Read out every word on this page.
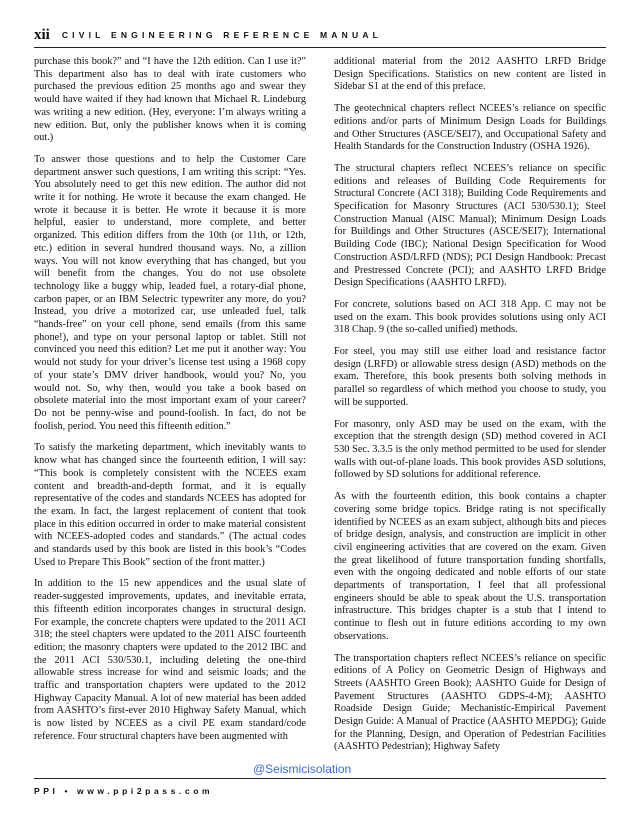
xii CIVIL ENGINEERING REFERENCE MANUAL

purchase this book?” and “I have the 12th edition. Can I use it?” This department also has to deal with irate customers who purchased the previous edition 25 months ago and swear they would have waited if they had known that Michael R. Lindeburg was writing a new edition. (Hey, everyone: I’m always writing a new edition. But, only the publisher knows when it is coming out.)

To answer those questions and to help the Customer Care department answer such questions, I am writing this script: “Yes. You absolutely need to get this new edition. The author did not write it for nothing. He wrote it because the exam changed. He wrote it because it is better. He wrote it because it is more helpful, easier to understand, more complete, and better organized. This edition differs from the 10th (or 11th, or 12th, etc.) edition in several hundred thousand ways. No, a zillion ways. You will not know everything that has changed, but you will benefit from the changes. You do not use obsolete technology like a buggy whip, leaded fuel, a rotary-dial phone, carbon paper, or an IBM Selectric typewriter any more, do you? Instead, you drive a motorized car, use unleaded fuel, talk “hands-free” on your cell phone, send emails (from this same phone!), and type on your personal laptop or tablet. Still not convinced you need this edition? Let me put it another way: You would not study for your driver’s license test using a 1968 copy of your state’s DMV driver handbook, would you? No, you would not. So, why then, would you take a book based on obsolete material into the most important exam of your career? Do not be penny-wise and pound-foolish. In fact, do not be foolish, period. You need this fifteenth edition.”

To satisfy the marketing department, which inevitably wants to know what has changed since the fourteenth edition, I will say: “This book is completely consistent with the NCEES exam content and breadth-and-depth format, and it is equally representative of the codes and standards NCEES has adopted for the exam. In fact, the largest replacement of content that took place in this edition occurred in order to make material consistent with NCEES-adopted codes and standards.” (The actual codes and standards used by this book are listed in this book’s “Codes Used to Prepare This Book” section of the front matter.)

In addition to the 15 new appendices and the usual slate of reader-suggested improvements, updates, and inevitable errata, this fifteenth edition incorporates changes in structural design. For example, the concrete chapters were updated to the 2011 ACI 318; the steel chapters were updated to the 2011 AISC fourteenth edition; the masonry chapters were updated to the 2012 IBC and the 2011 ACI 530/530.1, including deleting the one-third allowable stress increase for wind and seismic loads; and the traffic and transportation chapters were updated to the 2012 Highway Capacity Manual. A lot of new material has been added from AASHTO’s first-ever 2010 Highway Safety Manual, which is now listed by NCEES as a civil PE exam standard/code reference. Four structural chapters have been augmented with

additional material from the 2012 AASHTO LRFD Bridge Design Specifications. Statistics on new content are listed in Sidebar S1 at the end of this preface.

The geotechnical chapters reflect NCEES’s reliance on specific editions and/or parts of Minimum Design Loads for Buildings and Other Structures (ASCE/SEI7), and Occupational Safety and Health Standards for the Construction Industry (OSHA 1926).

The structural chapters reflect NCEES’s reliance on specific editions and releases of Building Code Requirements for Structural Concrete (ACI 318); Building Code Requirements and Specification for Masonry Structures (ACI 530/530.1); Steel Construction Manual (AISC Manual); Minimum Design Loads for Buildings and Other Structures (ASCE/SEI7); International Building Code (IBC); National Design Specification for Wood Construction ASD/LRFD (NDS); PCI Design Handbook: Precast and Prestressed Concrete (PCI); and AASHTO LRFD Bridge Design Specifications (AASHTO LRFD).

For concrete, solutions based on ACI 318 App. C may not be used on the exam. This book provides solutions using only ACI 318 Chap. 9 (the so-called unified) methods.

For steel, you may still use either load and resistance factor design (LRFD) or allowable stress design (ASD) methods on the exam. Therefore, this book presents both solving methods in parallel so regardless of which method you choose to study, you will be supported.

For masonry, only ASD may be used on the exam, with the exception that the strength design (SD) method covered in ACI 530 Sec. 3.3.5 is the only method permitted to be used for slender walls with out-of-plane loads. This book provides ASD solutions, followed by SD solutions for additional reference.

As with the fourteenth edition, this book contains a chapter covering some bridge topics. Bridge rating is not specifically identified by NCEES as an exam subject, although bits and pieces of bridge design, analysis, and construction are implicit in other civil engineering activities that are covered on the exam. Given the great likelihood of future transportation funding shortfalls, even with the ongoing dedicated and noble efforts of our state departments of transportation, I feel that all professional engineers should be able to speak about the U.S. transportation infrastructure. This bridges chapter is a stub that I intend to continue to flesh out in future editions according to my own observations.

The transportation chapters reflect NCEES’s reliance on specific editions of A Policy on Geometric Design of Highways and Streets (AASHTO Green Book); AASHTO Guide for Design of Pavement Structures (AASHTO GDPS-4-M); AASHTO Roadside Design Guide; Mechanistic-Empirical Pavement Design Guide: A Manual of Practice (AASHTO MEPDG); Guide for the Planning, Design, and Operation of Pedestrian Facilities (AASHTO Pedestrian); Highway Safety

@Seismicisolation
PPI • www.ppi2pass.com
